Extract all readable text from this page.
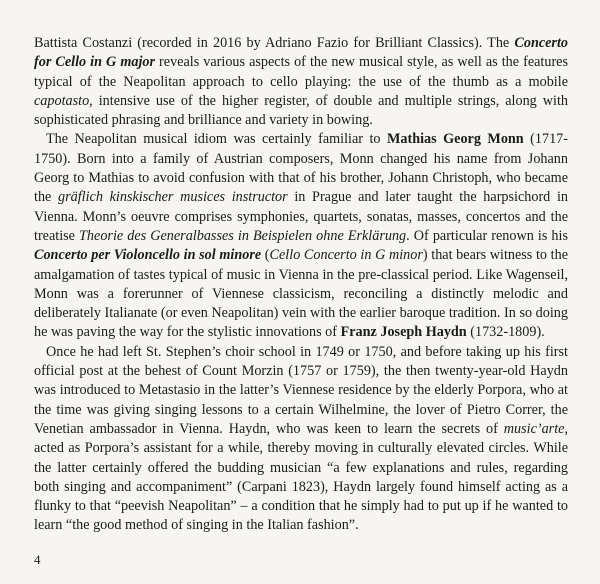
Battista Costanzi (recorded in 2016 by Adriano Fazio for Brilliant Classics). The Concerto for Cello in G major reveals various aspects of the new musical style, as well as the features typical of the Neapolitan approach to cello playing: the use of the thumb as a mobile capotasto, intensive use of the higher register, of double and multiple strings, along with sophisticated phrasing and brilliance and variety in bowing.

The Neapolitan musical idiom was certainly familiar to Mathias Georg Monn (1717-1750). Born into a family of Austrian composers, Monn changed his name from Johann Georg to Mathias to avoid confusion with that of his brother, Johann Christoph, who became the gräflich kinskischer musices instructor in Prague and later taught the harpsichord in Vienna. Monn’s oeuvre comprises symphonies, quartets, sonatas, masses, concertos and the treatise Theorie des Generalbasses in Beispielen ohne Erklärung. Of particular renown is his Concerto per Violoncello in sol minore (Cello Concerto in G minor) that bears witness to the amalgamation of tastes typical of music in Vienna in the pre-classical period. Like Wagenseil, Monn was a forerunner of Viennese classicism, reconciling a distinctly melodic and deliberately Italianate (or even Neapolitan) vein with the earlier baroque tradition. In so doing he was paving the way for the stylistic innovations of Franz Joseph Haydn (1732-1809).

Once he had left St. Stephen’s choir school in 1749 or 1750, and before taking up his first official post at the behest of Count Morzin (1757 or 1759), the then twenty-year-old Haydn was introduced to Metastasio in the latter’s Viennese residence by the elderly Porpora, who at the time was giving singing lessons to a certain Wilhelmine, the lover of Pietro Correr, the Venetian ambassador in Vienna. Haydn, who was keen to learn the secrets of music’arte, acted as Porpora’s assistant for a while, thereby moving in culturally elevated circles. While the latter certainly offered the budding musician “a few explanations and rules, regarding both singing and accompaniment” (Carpani 1823), Haydn largely found himself acting as a flunky to that “peevish Neapolitan” – a condition that he simply had to put up if he wanted to learn “the good method of singing in the Italian fashion”.

4
